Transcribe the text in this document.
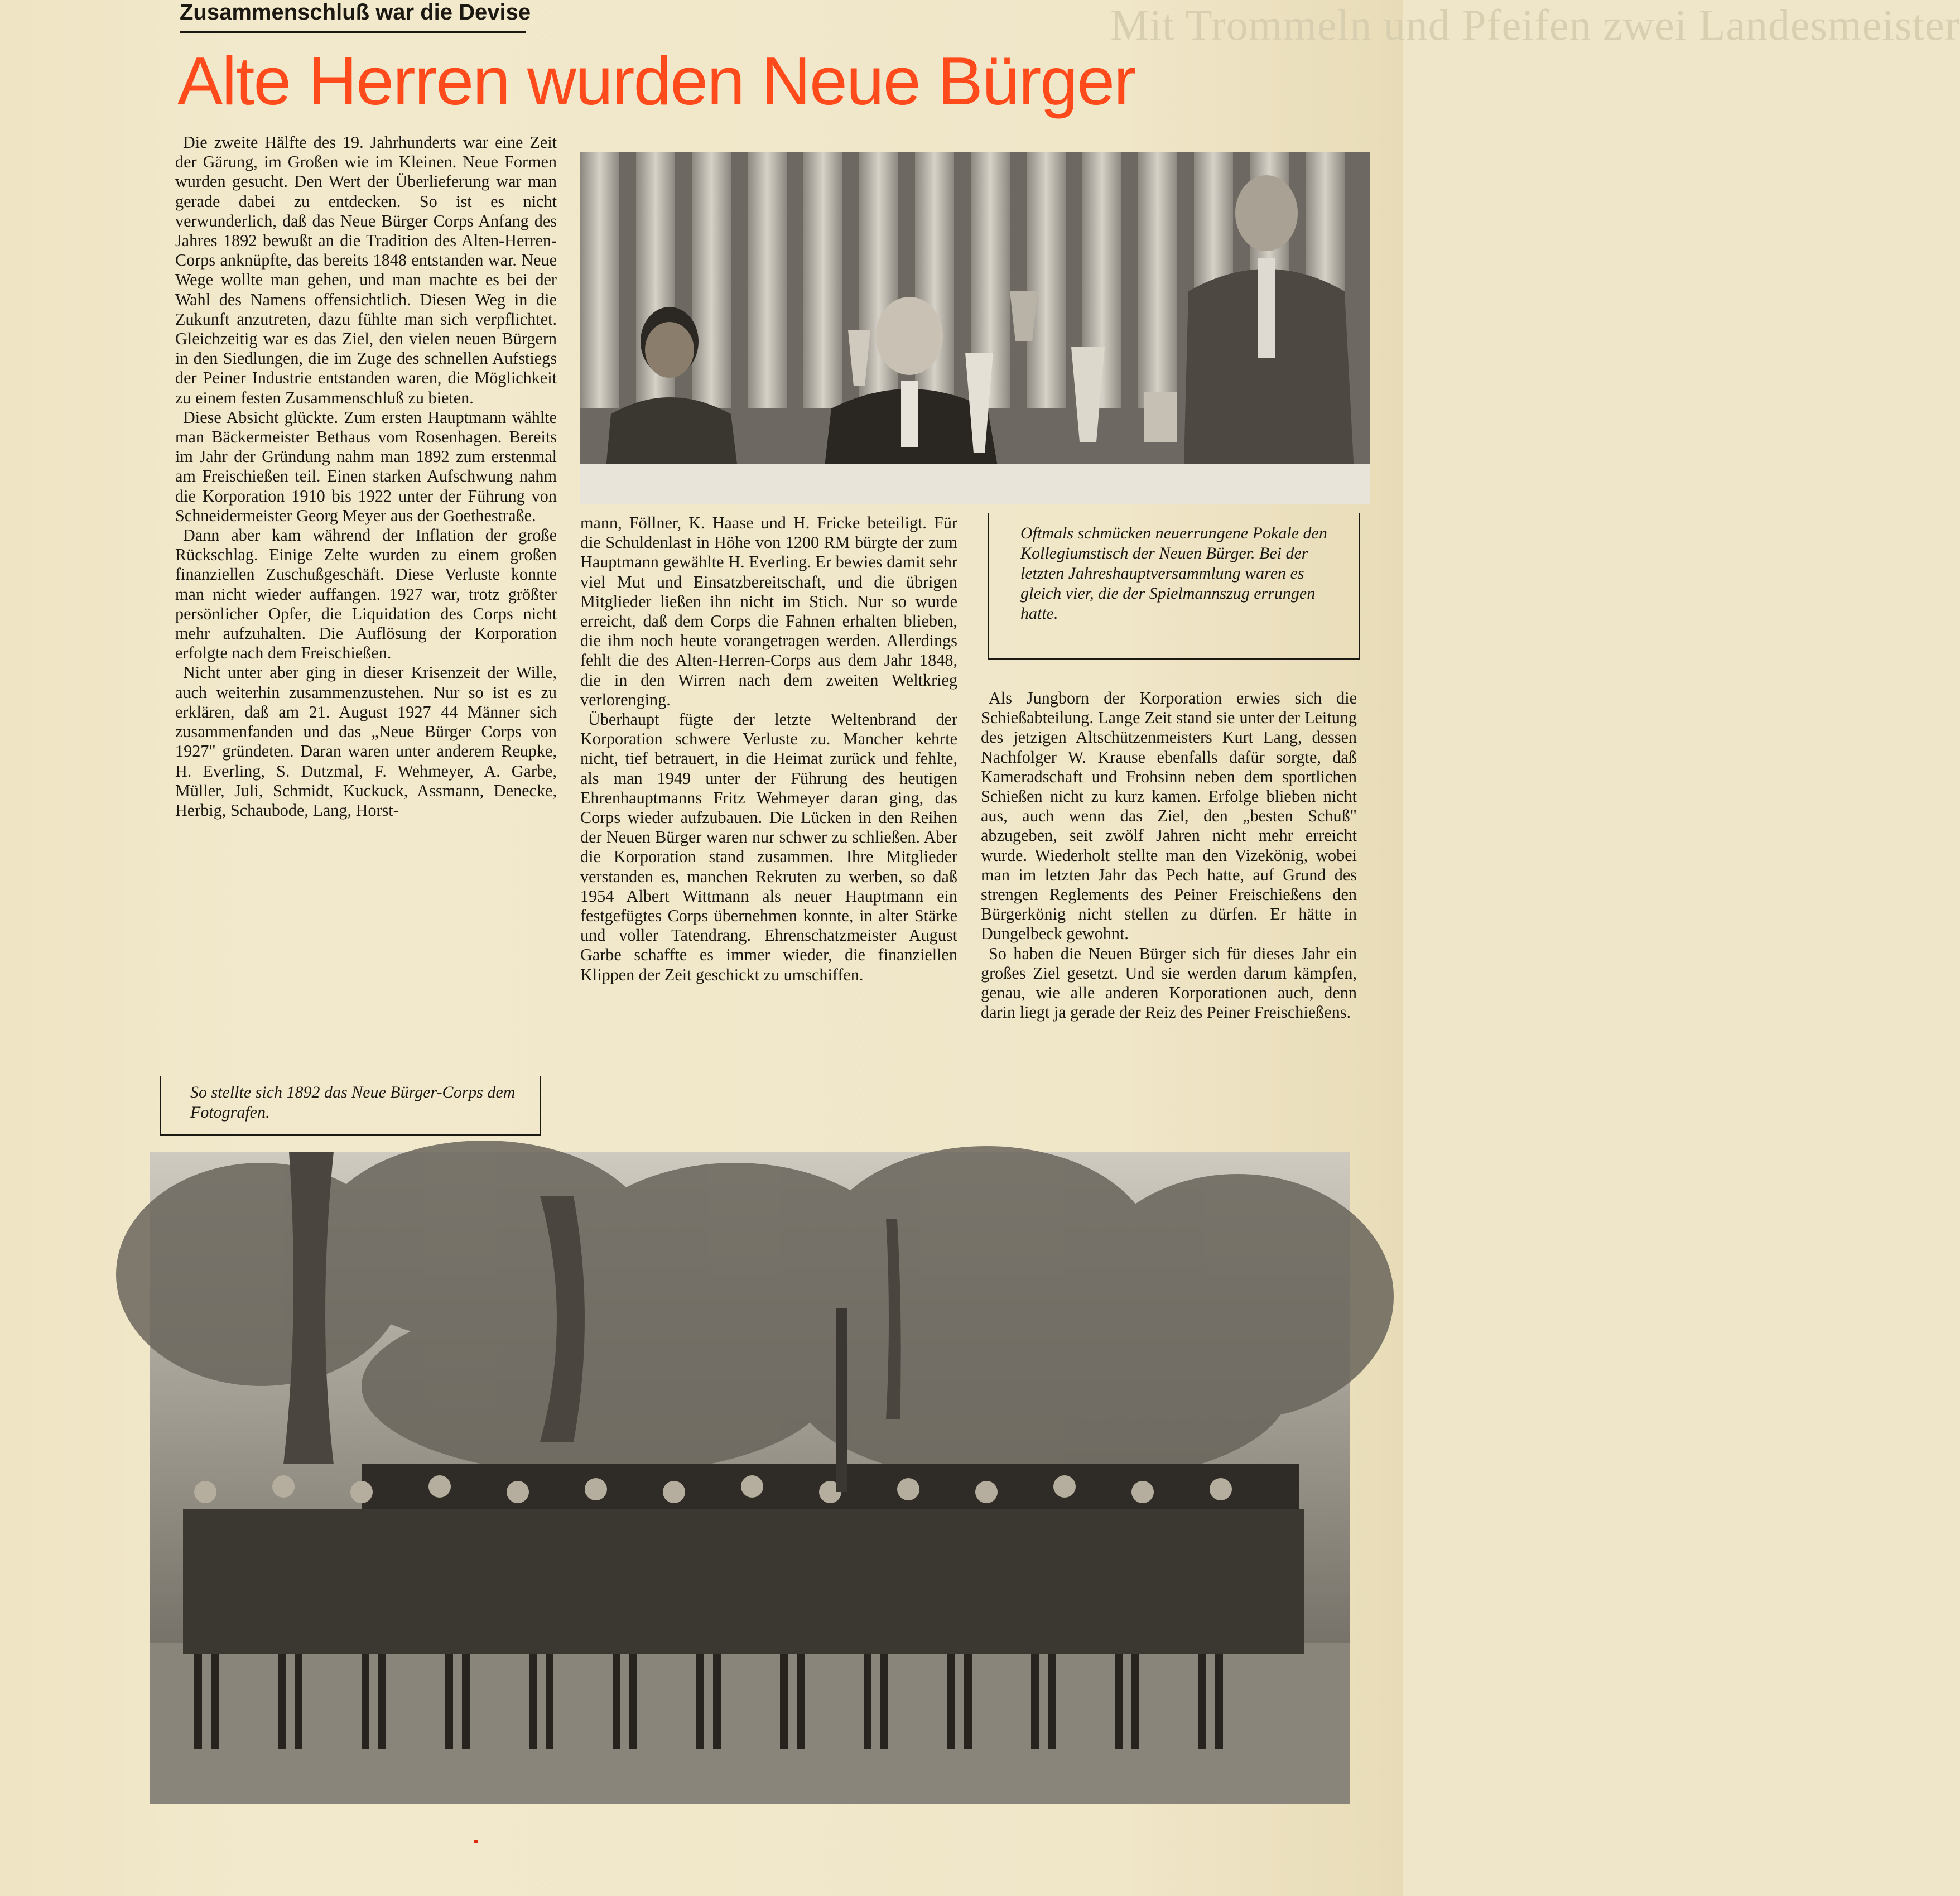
Mit Trommeln und Pfeifen zwei Landesmeister
Zusammenschluß war die Devise
Alte Herren wurden Neue Bürger

Die zweite Hälfte des 19. Jahrhunderts war eine Zeit der Gärung, im Großen wie im Kleinen. Neue Formen wurden gesucht. Den Wert der Überlieferung war man gerade dabei zu entdecken. So ist es nicht verwunderlich, daß das Neue Bürger Corps Anfang des Jahres 1892 bewußt an die Tradition des Alten-Herren-Corps anknüpfte, das bereits 1848 entstanden war. Neue Wege wollte man gehen, und man machte es bei der Wahl des Namens offensichtlich. Diesen Weg in die Zukunft anzutreten, dazu fühlte man sich verpflichtet. Gleichzeitig war es das Ziel, den vielen neuen Bürgern in den Siedlungen, die im Zuge des schnellen Aufstiegs der Peiner Industrie entstanden waren, die Möglichkeit zu einem festen Zusammenschluß zu bieten.

Diese Absicht glückte. Zum ersten Hauptmann wählte man Bäckermeister Bethaus vom Rosenhagen. Bereits im Jahr der Gründung nahm man 1892 zum erstenmal am Freischießen teil. Einen starken Aufschwung nahm die Korporation 1910 bis 1922 unter der Führung von Schneidermeister Georg Meyer aus der Goethestraße.

Dann aber kam während der Inflation der große Rückschlag. Einige Zelte wurden zu einem großen finanziellen Zuschußgeschäft. Diese Verluste konnte man nicht wieder auffangen. 1927 war, trotz größter persönlicher Opfer, die Liquidation des Corps nicht mehr aufzuhalten. Die Auflösung der Korporation erfolgte nach dem Freischießen.

Nicht unter aber ging in dieser Krisenzeit der Wille, auch weiterhin zusammenzustehen. Nur so ist es zu erklären, daß am 21. August 1927 44 Männer sich zusammenfanden und das „Neue Bürger Corps von 1927" gründeten. Daran waren unter anderem Reupke, H. Everling, S. Dutzmal, F. Wehmeyer, A. Garbe, Müller, Juli, Schmidt, Kuckuck, Assmann, Denecke, Herbig, Schaubode, Lang, Horst-

Oftmals schmücken neuerrungene Pokale den Kollegiumstisch der Neuen Bürger. Bei der letzten Jahreshauptversammlung waren es gleich vier, die der Spielmannszug errungen hatte.

mann, Föllner, K. Haase und H. Fricke beteiligt. Für die Schuldenlast in Höhe von 1200 RM bürgte der zum Hauptmann gewählte H. Everling. Er bewies damit sehr viel Mut und Einsatzbereitschaft, und die übrigen Mitglieder ließen ihn nicht im Stich. Nur so wurde erreicht, daß dem Corps die Fahnen erhalten blieben, die ihm noch heute vorangetragen werden. Allerdings fehlt die des Alten-Herren-Corps aus dem Jahr 1848, die in den Wirren nach dem zweiten Weltkrieg verlorenging.

Überhaupt fügte der letzte Weltenbrand der Korporation schwere Verluste zu. Mancher kehrte nicht, tief betrauert, in die Heimat zurück und fehlte, als man 1949 unter der Führung des heutigen Ehrenhauptmanns Fritz Wehmeyer daran ging, das Corps wieder aufzubauen. Die Lücken in den Reihen der Neuen Bürger waren nur schwer zu schließen. Aber die Korporation stand zusammen. Ihre Mitglieder verstanden es, manchen Rekruten zu werben, so daß 1954 Albert Wittmann als neuer Hauptmann ein festgefügtes Corps übernehmen konnte, in alter Stärke und voller Tatendrang. Ehrenschatzmeister August Garbe schaffte es immer wieder, die finanziellen Klippen der Zeit geschickt zu umschiffen.

Als Jungborn der Korporation erwies sich die Schießabteilung. Lange Zeit stand sie unter der Leitung des jetzigen Altschützenmeisters Kurt Lang, dessen Nachfolger W. Krause ebenfalls dafür sorgte, daß Kameradschaft und Frohsinn neben dem sportlichen Schießen nicht zu kurz kamen. Erfolge blieben nicht aus, auch wenn das Ziel, den „besten Schuß" abzugeben, seit zwölf Jahren nicht mehr erreicht wurde. Wiederholt stellte man den Vizekönig, wobei man im letzten Jahr das Pech hatte, auf Grund des strengen Reglements des Peiner Freischießens den Bürgerkönig nicht stellen zu dürfen. Er hätte in Dungelbeck gewohnt.

So haben die Neuen Bürger sich für dieses Jahr ein großes Ziel gesetzt. Und sie werden darum kämpfen, genau, wie alle anderen Korporationen auch, denn darin liegt ja gerade der Reiz des Peiner Freischießens.

So stellte sich 1892 das Neue Bürger-Corps dem Fotografen.
